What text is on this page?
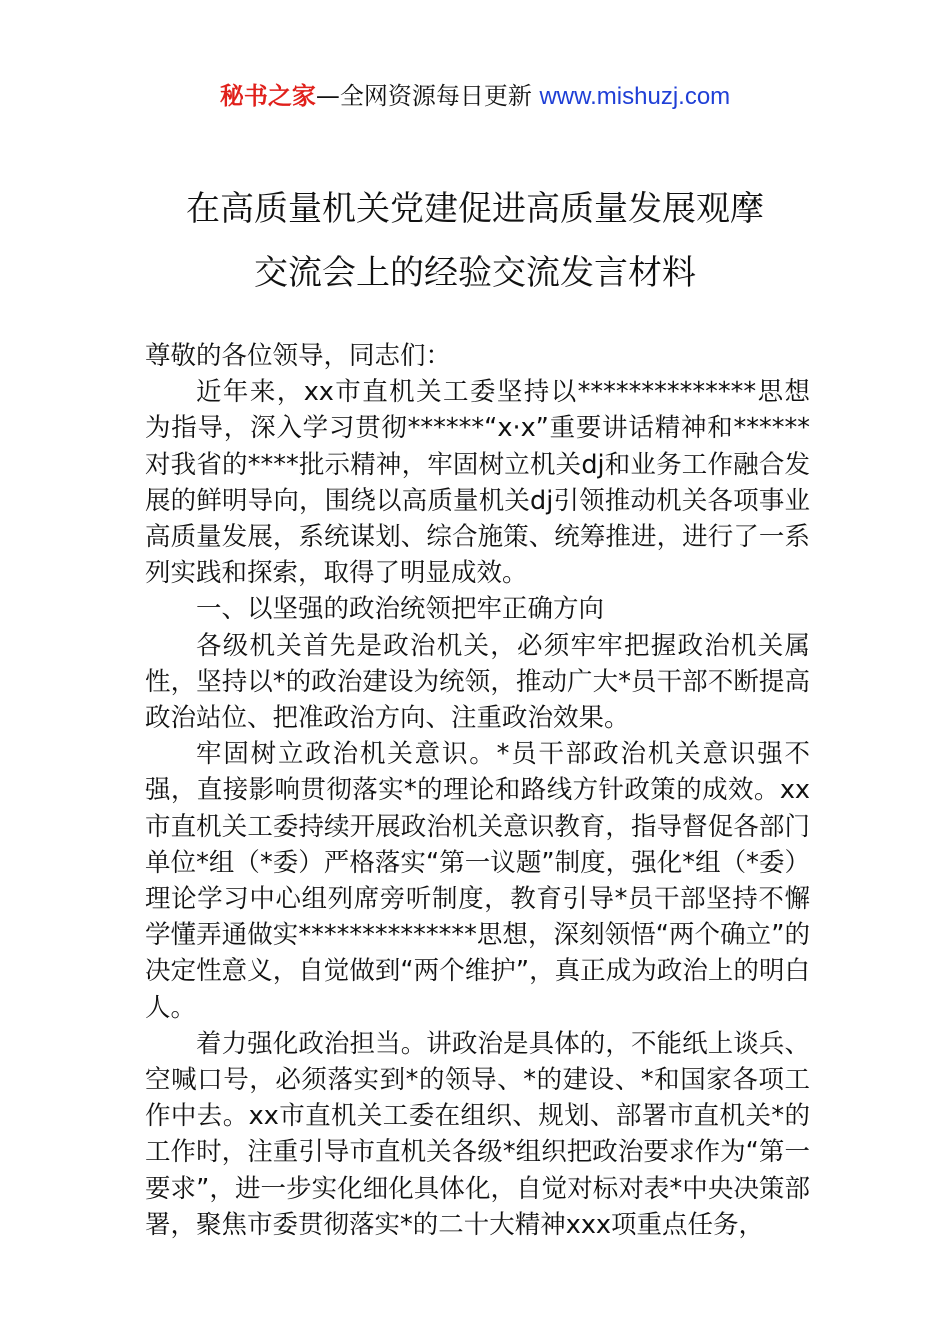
秘书之家—全网资源每日更新 www.mishuzj.com
在高质量机关党建促进高质量发展观摩
交流会上的经验交流发言材料

尊敬的各位领导，同志们：

近年来，xx市直机关工委坚持以**************思想为指导，深入学习贯彻******“x·x”重要讲话精神和******对我省的****批示精神，牢固树立机关dj和业务工作融合发展的鲜明导向，围绕以高质量机关dj引领推动机关各项事业高质量发展，系统谋划、综合施策、统筹推进，进行了一系列实践和探索，取得了明显成效。

一、以坚强的政治统领把牢正确方向

各级机关首先是政治机关，必须牢牢把握政治机关属性，坚持以*的政治建设为统领，推动广大*员干部不断提高政治站位、把准政治方向、注重政治效果。

牢固树立政治机关意识。*员干部政治机关意识强不强，直接影响贯彻落实*的理论和路线方针政策的成效。xx市直机关工委持续开展政治机关意识教育，指导督促各部门单位*组（*委）严格落实“第一议题”制度，强化*组（*委）理论学习中心组列席旁听制度，教育引导*员干部坚持不懈学懂弄通做实**************思想，深刻领悟“两个确立”的决定性意义，自觉做到“两个维护”，真正成为政治上的明白人。

着力强化政治担当。讲政治是具体的，不能纸上谈兵、空喊口号，必须落实到*的领导、*的建设、*和国家各项工作中去。xx市直机关工委在组织、规划、部署市直机关*的工作时，注重引导市直机关各级*组织把政治要求作为“第一要求”，进一步实化细化具体化，自觉对标对表*中央决策部署，聚焦市委贯彻落实*的二十大精神xxx项重点任务，
